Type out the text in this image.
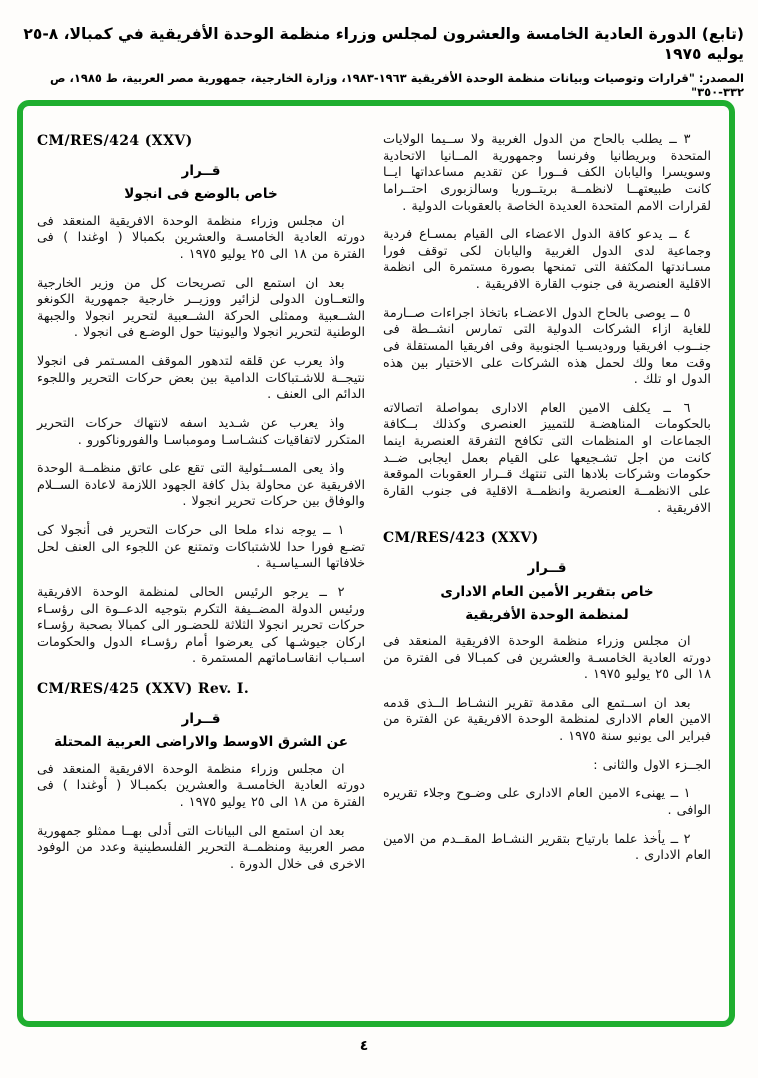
(تابع) الدورة العادية الخامسة والعشرون لمجلس وزراء منظمة الوحدة الأفريقية في كمبالا، ٨-٢٥ يوليه ١٩٧٥
المصدر: "قرارات وتوصيات وبيانات منظمة الوحدة الأفريقية ١٩٦٣-١٩٨٣، وزارة الخارجية، جمهورية مصر العربية، ط ١٩٨٥، ص ٣٣٢-٣٥٠"
٣ ــ يطلب بالحاح من الدول الغربية ولا ســيما الولايات المتحدة وبريطانيا وفرنسا وجمهورية المــانيا الاتحادية وسويسرا واليابان الكف فــورا عن تقديم مساعداتها ايــا كانت طبيعتهــا لانظمــة بريتــوريا وسالزبورى احتــراما لقرارات الامم المتحدة العديدة الخاصة بالعقوبات الدولية .
٤ ــ يدعو كافة الدول الاعضاء الى القيام بمسـاع فردية وجماعية لدى الدول الغربية واليابان لكى توقف فورا مسـاندتها المكثفة التى تمنحها بصورة مستمرة الى انظمة الاقلية العنصرية فى جنوب القارة الافريقية .
٥ ــ يوصى بالحاح الدول الاعضـاء باتخاذ اجراءات صــارمة للغاية ازاء الشركات الدولية التى تمارس انشــطة فى جنــوب افريقيا وروديسـيا الجنوبية وفى افريقيا المستقلة فى وقت معا ولك لحمل هذه الشركات على الاختيار بين هذه الدول او تلك .
٦ ــ يكلف الامين العام الادارى بمواصلة اتصالاته بالحكومات المناهضـة للتمييز العنصرى وكذلك بــكافة الجماعات او المنظمات التى تكافح التفرقة العنصرية اينما كانت من اجل تشـجيعها على القيام بعمل ايجابى ضــد حكومات وشركات بلادها التى تنتهك قــرار العقوبات الموقعة على الانظمــة العنصرية وانظمــة الاقلية فى جنوب القارة الافريقية .
CM/RES/423 (XXV)
قــرار
خاص بتقرير الأمين العام الادارى
لمنظمة الوحدة الأفريقية
ان مجلس وزراء منظمة الوحدة الافريقية المنعقد فى دورته العادية الخامسـة والعشرين فى كمبـالا فى الفترة من ١٨ الى ٢٥ يوليو ١٩٧٥ .
بعد ان اســتمع الى مقدمة تقرير النشـاط الــذى قدمه الامين العام الادارى لمنظمة الوحدة الافريقية عن الفترة من فبراير الى يونيو سنة ١٩٧٥ .
الجــزء الاول والثانى :
١ ــ يهنىء الامين العام الادارى على وضـوح وجلاء تقريره الوافى .
٢ ــ يأخذ علما بارتياح بتقرير النشـاط المقــدم من الامين العام الادارى .
CM/RES/424 (XXV)
قــرار
خاص بالوضع فى انجولا
ان مجلس وزراء منظمة الوحدة الافريقية المنعقد فى دورته العادية الخامسـة والعشرين بكمبالا ( اوغندا ) فى الفترة من ١٨ الى ٢٥ يوليو ١٩٧٥ .
بعد ان استمع الى تصريحات كل من وزير الخارجية والتعــاون الدولى لزائير ووزيــر خارجية جمهورية الكونغو الشــعبية وممثلى الحركة الشــعبية لتحرير انجولا والجبهة الوطنية لتحرير انجولا واليونيتا حول الوضـع فى انجولا .
واذ يعرب عن قلقه لتدهور الموقف المسـتمر فى انجولا نتيجــة للاشـتباكات الدامية بين بعض حركات التحرير واللجوء الدائم الى العنف .
واذ يعرب عن شـديد اسفه لانتهاك حركات التحرير المتكرر لاتفاقيات كنشـاسـا ومومباسـا والفوروناكورو .
واذ يعى المســئولية التى تقع على عاتق منظمــة الوحدة الافريقية عن محاولة بذل كافة الجهود اللازمة لاعادة الســلام والوفاق بين حركات تحرير انجولا .
١ ــ يوجه نداء ملحا الى حركات التحرير فى أنجولا كى تضـع فورا حدا للاشتباكات وتمتنع عن اللجوء الى العنف لحل خلافاتها السـياسـية .
٢ ــ يرجو الرئيس الحالى لمنظمة الوحدة الافريقية ورئيس الدولة المضــيفة التكرم بتوجيه الدعــوة الى رؤسـاء حركات تحرير انجولا الثلاثة للحضـور الى كمبالا بصحبة رؤسـاء اركان جيوشـها كى يعرضوا أمام رؤسـاء الدول والحكومات اسـباب انقاسـاماتهم المستمرة .
CM/RES/425 (XXV) Rev. I.
قــرار
عن الشرق الاوسط والاراضى العربية المحتلة
ان مجلس وزراء منظمة الوحدة الافريقية المنعقد فى دورته العادية الخامسـة والعشرين بكمبـالا ( أوغندا ) فى الفترة من ١٨ الى ٢٥ يوليو ١٩٧٥ .
بعد ان استمع الى البيانات التى أدلى بهــا ممثلو جمهورية مصر العربية ومنظمــة التحرير الفلسطينية وعدد من الوفود الاخرى فى خلال الدورة .
٤
